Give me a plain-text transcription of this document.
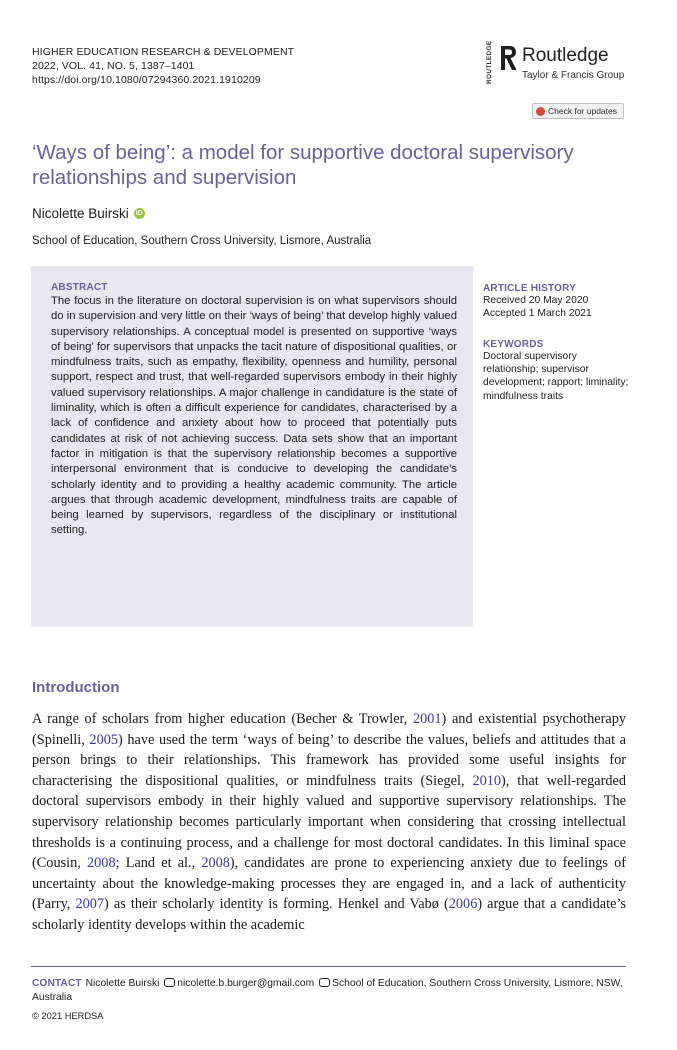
HIGHER EDUCATION RESEARCH & DEVELOPMENT
2022, VOL. 41, NO. 5, 1387–1401
https://doi.org/10.1080/07294360.2021.1910209	ROUTLEDGE Routledge
Taylor & Francis Group
Check for updates
‘Ways of being’: a model for supportive doctoral supervisory relationships and supervision
Nicolette Buirski iD
School of Education, Southern Cross University, Lismore, Australia
ABSTRACT
The focus in the literature on doctoral supervision is on what supervisors should do in supervision and very little on their ‘ways of being’ that develop highly valued supervisory relationships. A conceptual model is presented on supportive ‘ways of being’ for supervisors that unpacks the tacit nature of dispositional qualities, or mindfulness traits, such as empathy, flexibility, openness and humility, personal support, respect and trust, that well-regarded supervisors embody in their highly valued supervisory relationships. A major challenge in candidature is the state of liminality, which is often a difficult experience for candidates, characterised by a lack of confidence and anxiety about how to proceed that potentially puts candidates at risk of not achieving success. Data sets show that an important factor in mitigation is that the supervisory relationship becomes a supportive interpersonal environment that is conducive to developing the candidate’s scholarly identity and to providing a healthy academic community. The article argues that through academic development, mindfulness traits are capable of being learned by supervisors, regardless of the disciplinary or institutional setting.
ARTICLE HISTORY
Received 20 May 2020
Accepted 1 March 2021
KEYWORDS
Doctoral supervisory relationship; supervisor development; rapport; liminality; mindfulness traits
Introduction
A range of scholars from higher education (Becher & Trowler, 2001) and existential psychotherapy (Spinelli, 2005) have used the term ‘ways of being’ to describe the values, beliefs and attitudes that a person brings to their relationships. This framework has provided some useful insights for characterising the dispositional qualities, or mindfulness traits (Siegel, 2010), that well-regarded doctoral supervisors embody in their highly valued and supportive supervisory relationships. The supervisory relationship becomes particularly important when considering that crossing intellectual thresholds is a continuing process, and a challenge for most doctoral candidates. In this liminal space (Cousin, 2008; Land et al., 2008), candidates are prone to experiencing anxiety due to feelings of uncertainty about the knowledge-making processes they are engaged in, and a lack of authenticity (Parry, 2007) as their scholarly identity is forming. Henkel and Vabø (2006) argue that a candidate’s scholarly identity develops within the academic
CONTACT Nicolette Buirski nicolette.b.burger@gmail.com School of Education, Southern Cross University, Lismore, NSW, Australia
© 2021 HERDSA
